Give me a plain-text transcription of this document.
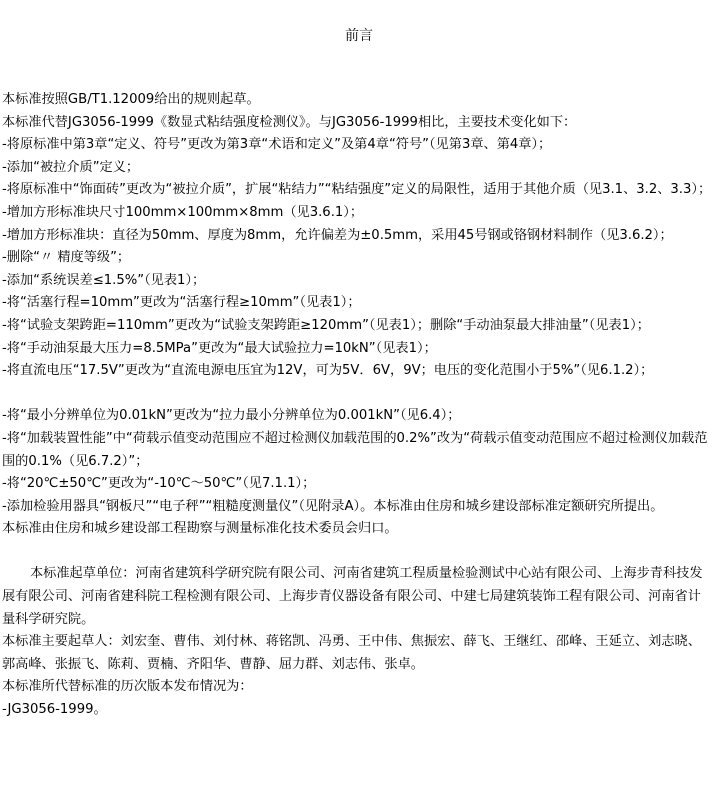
前言

本标准按照GB/T1.12009给出的规则起草。

本标准代替JG3056-1999《数显式粘结强度检测仪》。与JG3056-1999相比，主要技术变化如下：

-将原标准中第3章“定义、符号”更改为第3章“术语和定义”及第4章“符号”（见第3章、第4章）；

-添加“被拉介质”定义；

-将原标准中“饰面砖”更改为“被拉介质”，扩展“粘结力”“粘结强度”定义的局限性，适用于其他介质（见3.1、3.2、3.3）；

-增加方形标准块尺寸100mm×100mm×8mm（见3.6.1）；

-增加方形标准块：直径为50mm、厚度为8mm，允许偏差为±0.5mm，采用45号钢或铬钢材料制作（见3.6.2）；

-删除“〃 精度等级”；

-添加“系统误差≤1.5%”（见表1）；

-将“活塞行程=10mm”更改为“活塞行程≥10mm”（见表1）；

-将“试验支架跨距=110mm”更改为“试验支架跨距≥120mm”（见表1）；删除“手动油泵最大排油量”（见表1）；

-将“手动油泵最大压力=8.5MPa”更改为“最大试验拉力=10kN”（见表1）；

-将直流电压“17.5V”更改为“直流电源电压宜为12V，可为5V．6V，9V；电压的变化范围小于5%”（见6.1.2）；

-将“最小分辨单位为0.01kN”更改为“拉力最小分辨单位为0.001kN”（见6.4）；

-将“加载装置性能”中“荷载示值变动范围应不超过检测仪加载范围的0.2%”改为“荷载示值变动范围应不超过检测仪加载范围的0.1%（见6.7.2）”；

-将“20℃±50℃”更改为“-10℃～50℃”（见7.1.1）；

-添加检验用器具“钢板尺”“电子秤”“粗糙度测量仪”（见附录A）。本标准由住房和城乡建设部标准定额研究所提出。

本标准由住房和城乡建设部工程勘察与测量标准化技术委员会归口。

本标准起草单位：河南省建筑科学研究院有限公司、河南省建筑工程质量检验测试中心站有限公司、上海步青科技发展有限公司、河南省建科院工程检测有限公司、上海步青仪器设备有限公司、中建七局建筑装饰工程有限公司、河南省计量科学研究院。

本标准主要起草人：刘宏奎、曹伟、刘付林、蒋铭凯、冯勇、王中伟、焦振宏、薛飞、王继红、邵峰、王延立、刘志晓、郭高峰、张振飞、陈莉、贾楠、齐阳华、曹静、屈力群、刘志伟、张卓。

本标准所代替标准的历次版本发布情况为：

-JG3056-1999。
